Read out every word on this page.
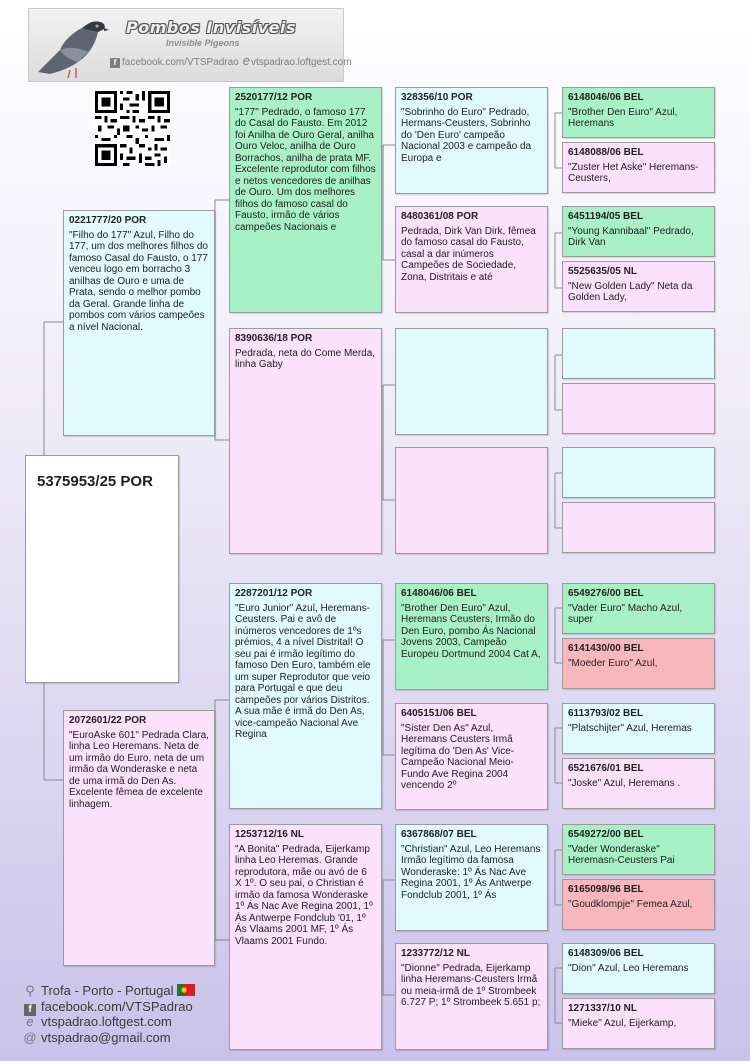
Pombos Invisíveis
Invisible Pigeons
f facebook.com/VTSPadrao evtspadrao.loftgest.com
5375953/25 POR
0221777/20 POR
"Filho do 177" Azul, Filho do 177, um dos melhores filhos do famoso Casal do Fausto, o 177 venceu logo em borracho 3 anilhas de Ouro e uma de Prata, sendo o melhor pombo da Geral. Grande linha de pombos com vários campeões a nível Nacional.
2072601/22 POR
"EuroAske 601" Pedrada Clara, linha Leo Heremans. Neta de um irmão do Euro, neta de um irmão da Wonderaske e neta de uma irmã do Den As. Excelente fêmea de excelente linhagem.
2520177/12 POR
"177" Pedrado, o famoso 177 do Casal do Fausto. Em 2012 foi Anilha de Ouro Geral, anilha Ouro Veloc, anilha de Ouro Borrachos, anilha de prata MF. Excelente reprodutor com filhos e netos vencedores de anilhas de Ouro. Um dos melhores filhos do famoso casal do Fausto, irmão de vários campeões Nacionais e
8390636/18 POR
Pedrada, neta do Come Merda, linha Gaby
2287201/12 POR
"Euro Junior" Azul, Heremans-Ceusters. Pai e avô de inúmeros vencedores de 1ºs prémios, 4 a nível Distrital! O seu pai é irmão legítimo do famoso Den Euro, também ele um super Reprodutor que veio para Portugal e que deu campeões por vários Distritos. A sua mãe é irmã do Den As, vice-campeão Nacional Ave Regina
1253712/16 NL
"A Bonita" Pedrada, Eijerkamp linha Leo Heremas. Grande reprodutora, mãe ou avó de 6 X 1º. O seu pai, o Christian é irmão da famosa Wonderaske 1º Ás Nac Ave Regina 2001, 1º Ás Antwerpe Fondclub '01, 1º Ás Vlaams 2001 MF, 1º Ás Vlaams 2001 Fundo.
328356/10 POR
"Sobrinho do Euro" Pedrado, Hermans-Ceusters, Sobrinho do 'Den Euro' campeão Nacional 2003 e campeão da Europa e
8480361/08 POR
Pedrada, Dirk Van Dirk, fêmea do famoso casal do Fausto, casal a dar inúmeros Campeões de Sociedade, Zona, Distritais e até
6148046/06 BEL
"Brother Den Euro" Azul, Heremans Ceusters, Irmão do Den Euro, pombo Ás Nacional Jovens 2003, Campeão Europeu Dortmund 2004 Cat A,
6405151/06 BEL
"Sister Den As" Azul, Heremans Ceusters Irmã legítima do 'Den As' Vice-Campeão Nacional Meio-Fundo Ave Regina 2004 vencendo 2º
6367868/07 BEL
"Christian" Azul, Leo Heremans Irmão legítimo da famosa Wonderaske: 1º Ás Nac Ave Regina 2001, 1º Ás Antwerpe Fondclub 2001, 1º Ás
1233772/12 NL
"Dionne" Pedrada, Eijerkamp linha Heremans-Ceusters Irmã ou meia-irmã de 1º Strombeek 6.727 P; 1º Strombeek 5.651 p;
6148046/06 BEL
"Brother Den Euro" Azul, Heremans
6148088/06 BEL
"Zuster Het Aske" Heremans-Ceusters,
6451194/05 BEL
"Young Kannibaal" Pedrado, Dirk Van
5525635/05 NL
"New Golden Lady" Neta da Golden Lady,
6549276/00 BEL
"Vader Euro" Macho Azul, super
6141430/00 BEL
"Moeder Euro" Azul,
6113793/02 BEL
"Platschijter" Azul, Heremas
6521676/01 BEL
"Joske" Azul, Heremans .
6549272/00 BEL
"Vader Wonderaske" Heremasn-Ceusters Pai
6165098/96 BEL
"Goudklompje" Femea Azul,
6148309/06 BEL
"Dion" Azul, Leo Heremans
1271337/10 NL
"Mieke" Azul, Eijerkamp,
⚲ Trofa - Porto - Portugal
f facebook.com/VTSPadrao
e vtspadrao.loftgest.com
@ vtspadrao@gmail.com
